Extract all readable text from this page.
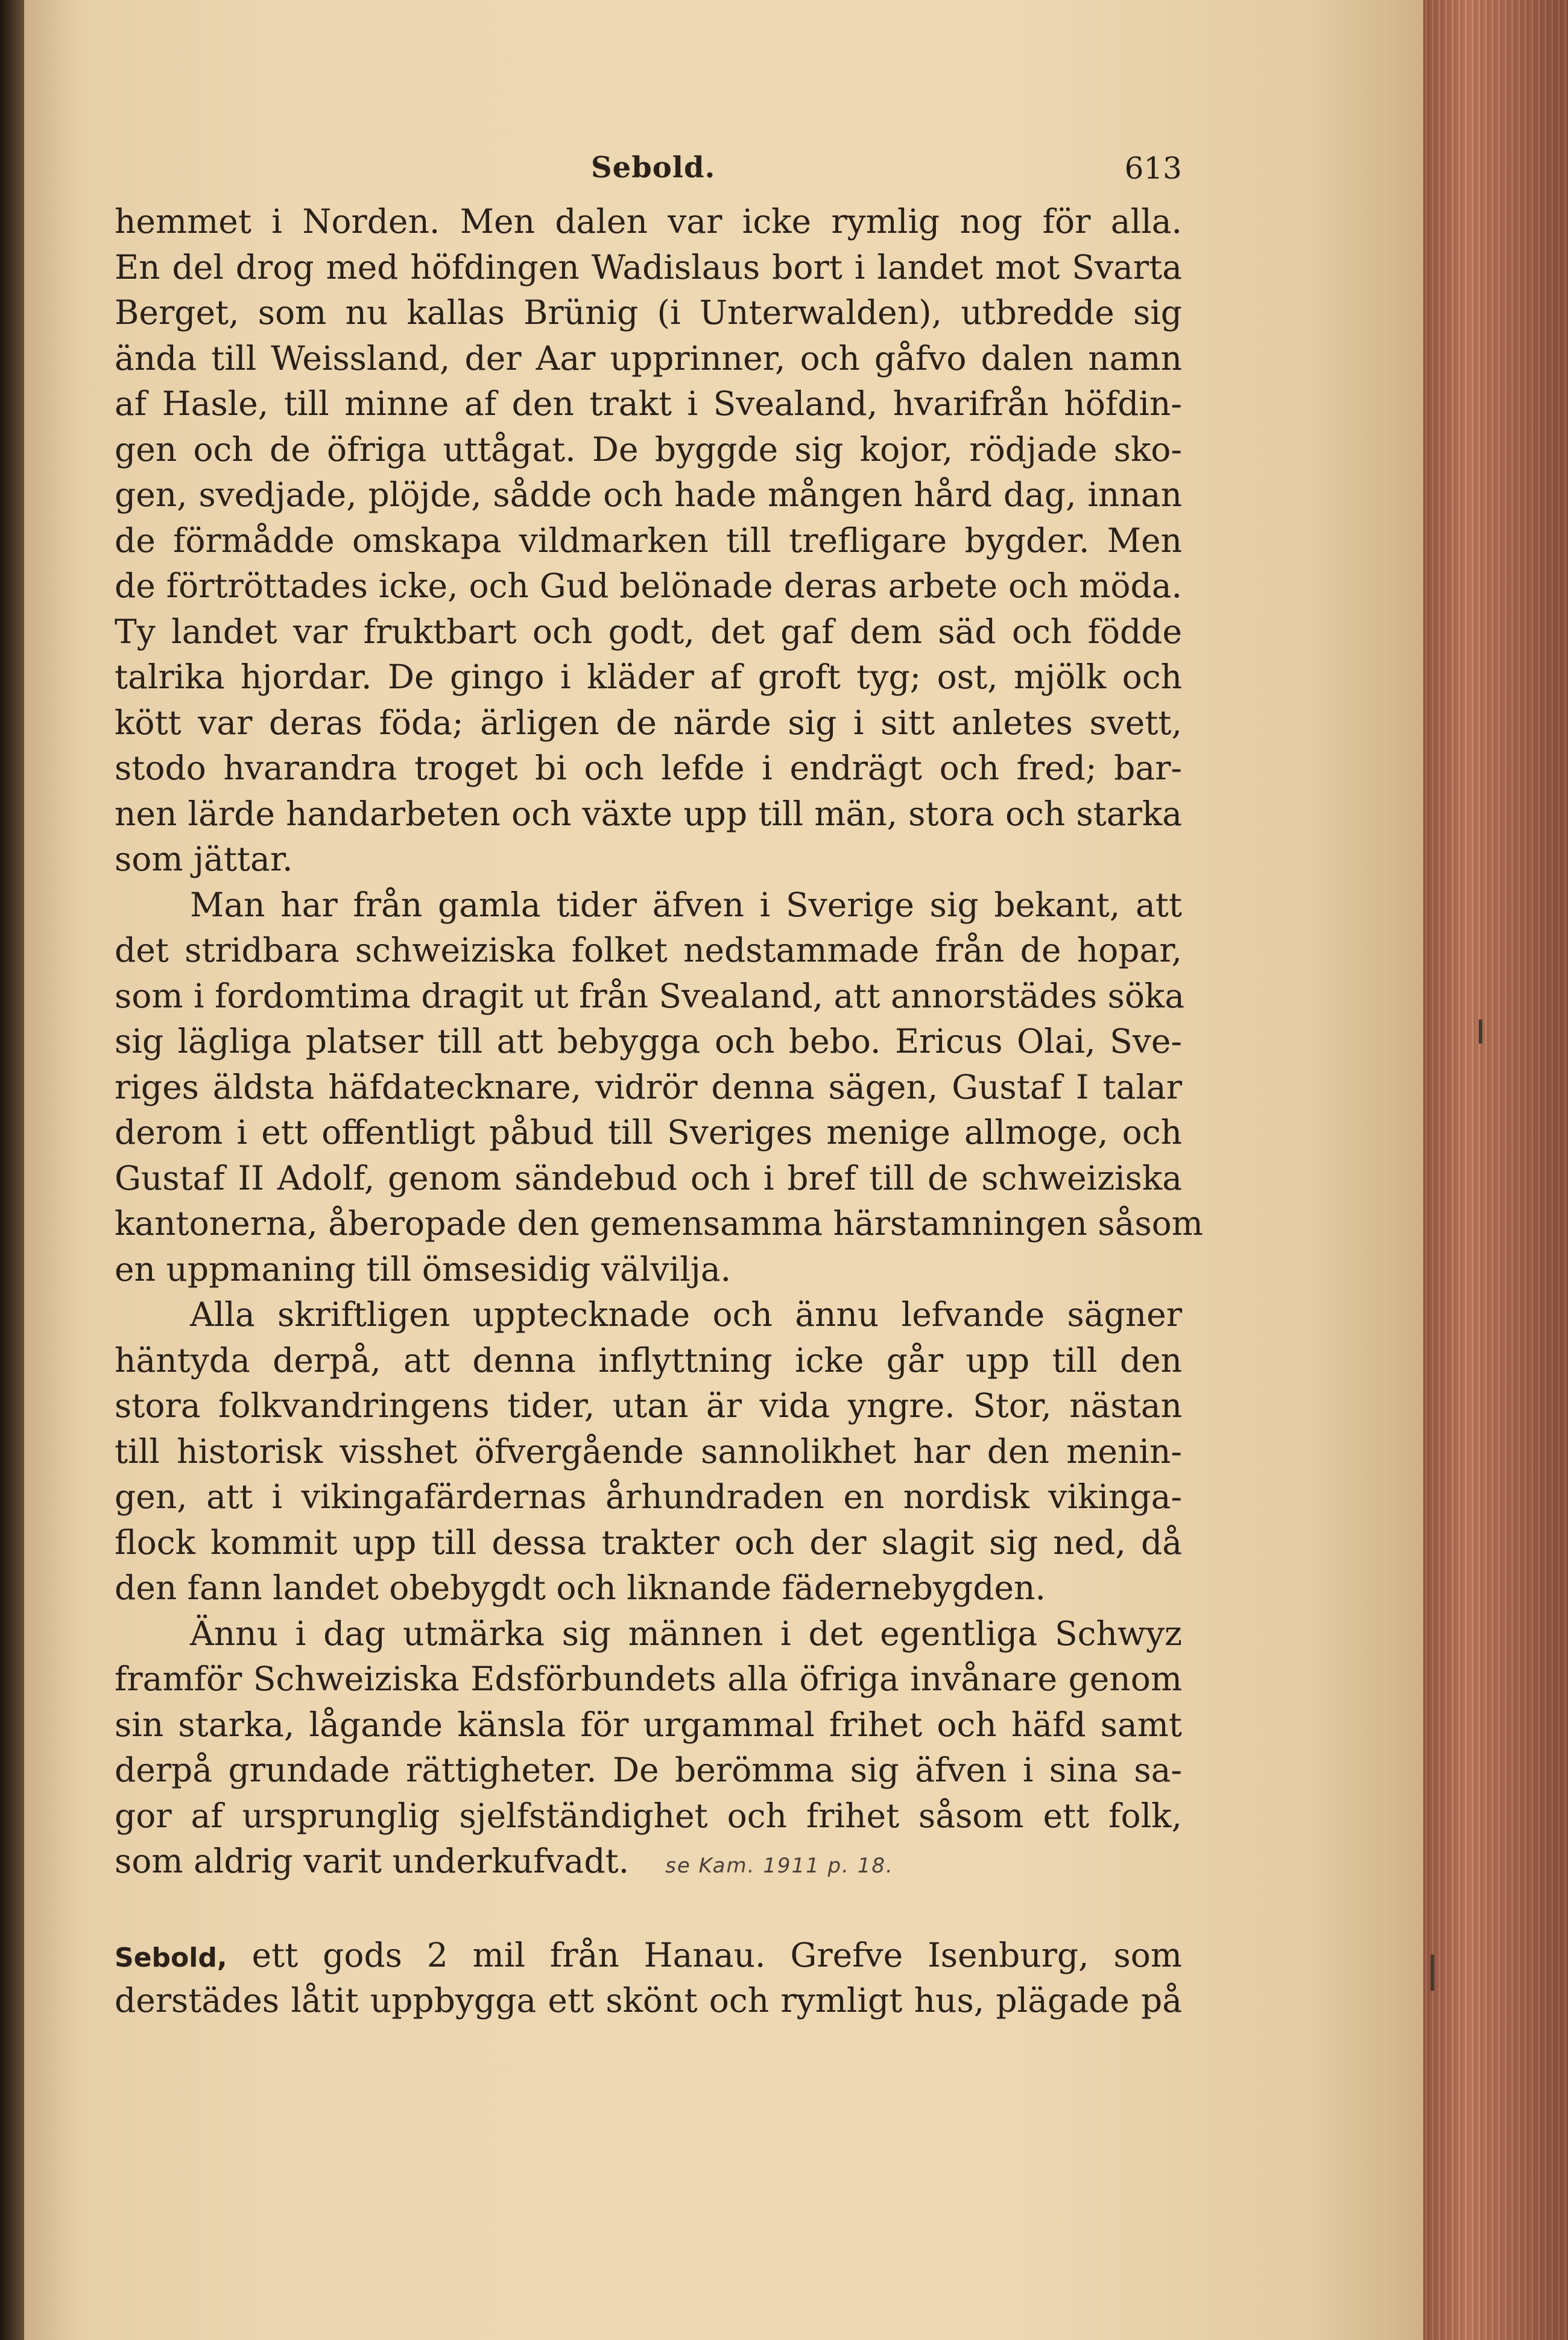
Sebold.	613
hemmet i Norden. Men dalen var icke rymlig nog för alla.
En del drog med höfdingen Wadislaus bort i landet mot Svarta
Berget, som nu kallas Brünig (i Unterwalden), utbredde sig
ända till Weissland, der Aar upprinner, och gåfvo dalen namn
af Hasle, till minne af den trakt i Svealand, hvarifrån höfdin-
gen och de öfriga uttågat. De byggde sig kojor, rödjade sko-
gen, svedjade, plöjde, sådde och hade mången hård dag, innan
de förmådde omskapa vildmarken till trefligare bygder. Men
de förtröttades icke, och Gud belönade deras arbete och möda.
Ty landet var fruktbart och godt, det gaf dem säd och födde
talrika hjordar. De gingo i kläder af groft tyg; ost, mjölk och
kött var deras föda; ärligen de närde sig i sitt anletes svett,
stodo hvarandra troget bi och lefde i endrägt och fred; bar-
nen lärde handarbeten och växte upp till män, stora och starka
som jättar.
Man har från gamla tider äfven i Sverige sig bekant, att
det stridbara schweiziska folket nedstammade från de hopar,
som i fordomtima dragit ut från Svealand, att annorstädes söka
sig lägliga platser till att bebygga och bebo. Ericus Olai, Sve-
riges äldsta häfdatecknare, vidrör denna sägen, Gustaf I talar
derom i ett offentligt påbud till Sveriges menige allmoge, och
Gustaf II Adolf, genom sändebud och i bref till de schweiziska
kantonerna, åberopade den gemensamma härstamningen såsom
en uppmaning till ömsesidig välvilja.
Alla skriftligen upptecknade och ännu lefvande sägner
häntyda derpå, att denna inflyttning icke går upp till den
stora folkvandringens tider, utan är vida yngre. Stor, nästan
till historisk visshet öfvergående sannolikhet har den menin-
gen, att i vikingafärdernas århundraden en nordisk vikinga-
flock kommit upp till dessa trakter och der slagit sig ned, då
den fann landet obebygdt och liknande fädernebygden.
Ännu i dag utmärka sig männen i det egentliga Schwyz
framför Schweiziska Edsförbundets alla öfriga invånare genom
sin starka, lågande känsla för urgammal frihet och häfd samt
derpå grundade rättigheter. De berömma sig äfven i sina sa-
gor af ursprunglig sjelfständighet och frihet såsom ett folk,
som aldrig varit underkufvadt. se Kam. 1911 p. 18.
Sebold, ett gods 2 mil från Hanau. Grefve Isenburg, som
derstädes låtit uppbygga ett skönt och rymligt hus, plägade på
